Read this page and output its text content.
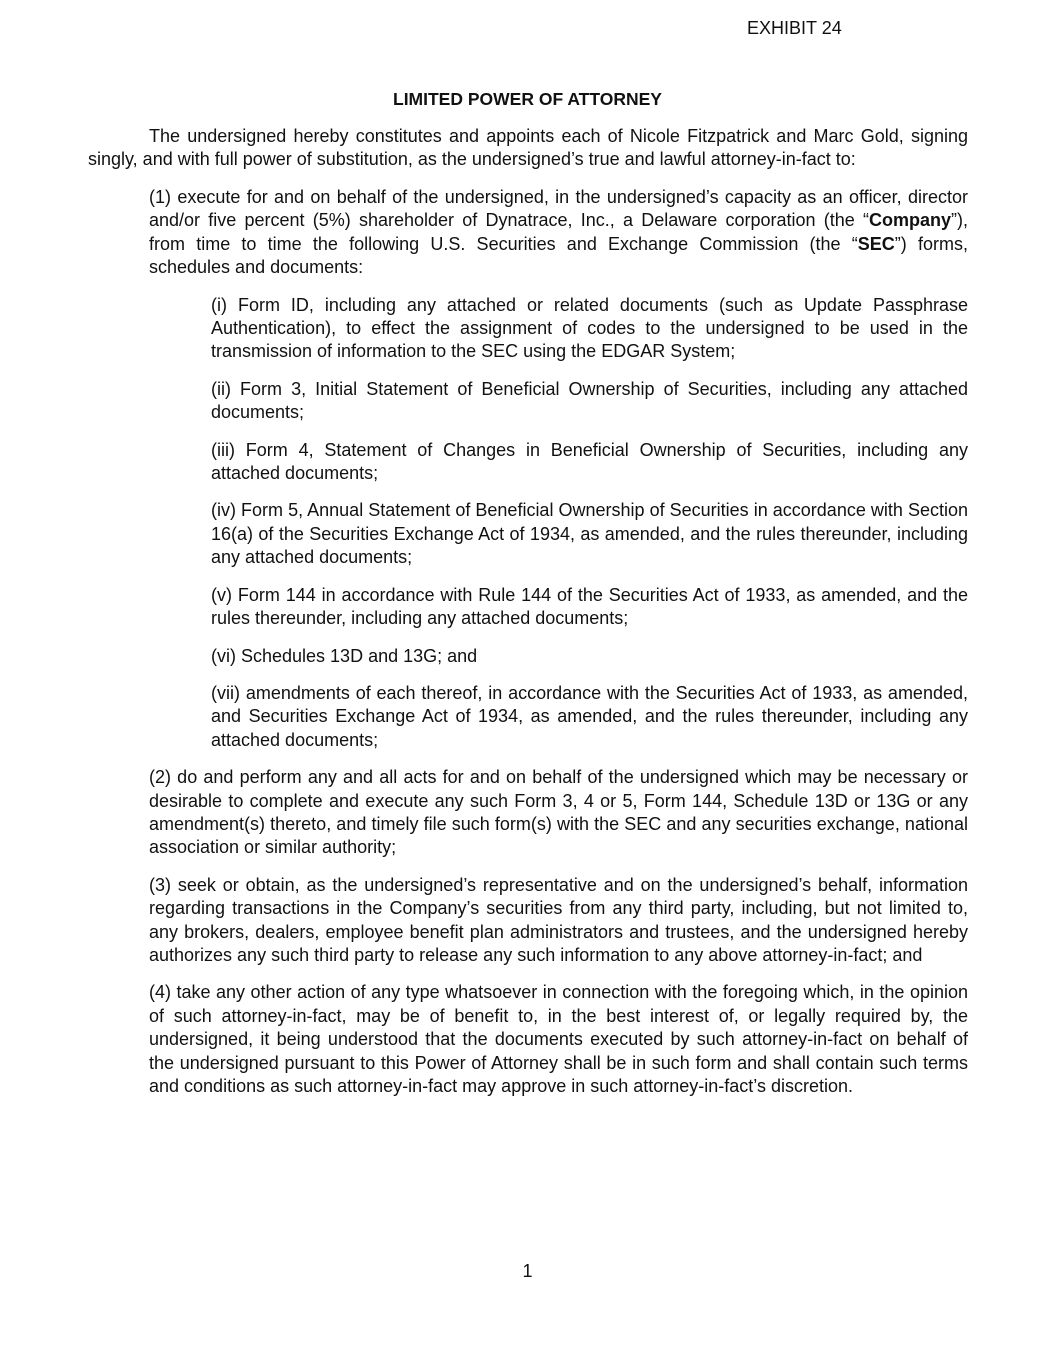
EXHIBIT 24

LIMITED POWER OF ATTORNEY

The undersigned hereby constitutes and appoints each of Nicole Fitzpatrick and Marc Gold, signing singly, and with full power of substitution, as the undersigned’s true and lawful attorney-in-fact to:

(1) execute for and on behalf of the undersigned, in the undersigned’s capacity as an officer, director and/or five percent (5%) shareholder of Dynatrace, Inc., a Delaware corporation (the “Company”), from time to time the following U.S. Securities and Exchange Commission (the “SEC”) forms, schedules and documents:

(i) Form ID, including any attached or related documents (such as Update Passphrase Authentication), to effect the assignment of codes to the undersigned to be used in the transmission of information to the SEC using the EDGAR System;

(ii) Form 3, Initial Statement of Beneficial Ownership of Securities, including any attached documents;

(iii) Form 4, Statement of Changes in Beneficial Ownership of Securities, including any attached documents;

(iv) Form 5, Annual Statement of Beneficial Ownership of Securities in accordance with Section 16(a) of the Securities Exchange Act of 1934, as amended, and the rules thereunder, including any attached documents;

(v) Form 144 in accordance with Rule 144 of the Securities Act of 1933, as amended, and the rules thereunder, including any attached documents;

(vi) Schedules 13D and 13G; and

(vii) amendments of each thereof, in accordance with the Securities Act of 1933, as amended, and Securities Exchange Act of 1934, as amended, and the rules thereunder, including any attached documents;

(2) do and perform any and all acts for and on behalf of the undersigned which may be necessary or desirable to complete and execute any such Form 3, 4 or 5, Form 144, Schedule 13D or 13G or any amendment(s) thereto, and timely file such form(s) with the SEC and any securities exchange, national association or similar authority;

(3) seek or obtain, as the undersigned’s representative and on the undersigned’s behalf, information regarding transactions in the Company’s securities from any third party, including, but not limited to, any brokers, dealers, employee benefit plan administrators and trustees, and the undersigned hereby authorizes any such third party to release any such information to any above attorney-in-fact; and

(4) take any other action of any type whatsoever in connection with the foregoing which, in the opinion of such attorney-in-fact, may be of benefit to, in the best interest of, or legally required by, the undersigned, it being understood that the documents executed by such attorney-in-fact on behalf of the undersigned pursuant to this Power of Attorney shall be in such form and shall contain such terms and conditions as such attorney-in-fact may approve in such attorney-in-fact’s discretion.

1
